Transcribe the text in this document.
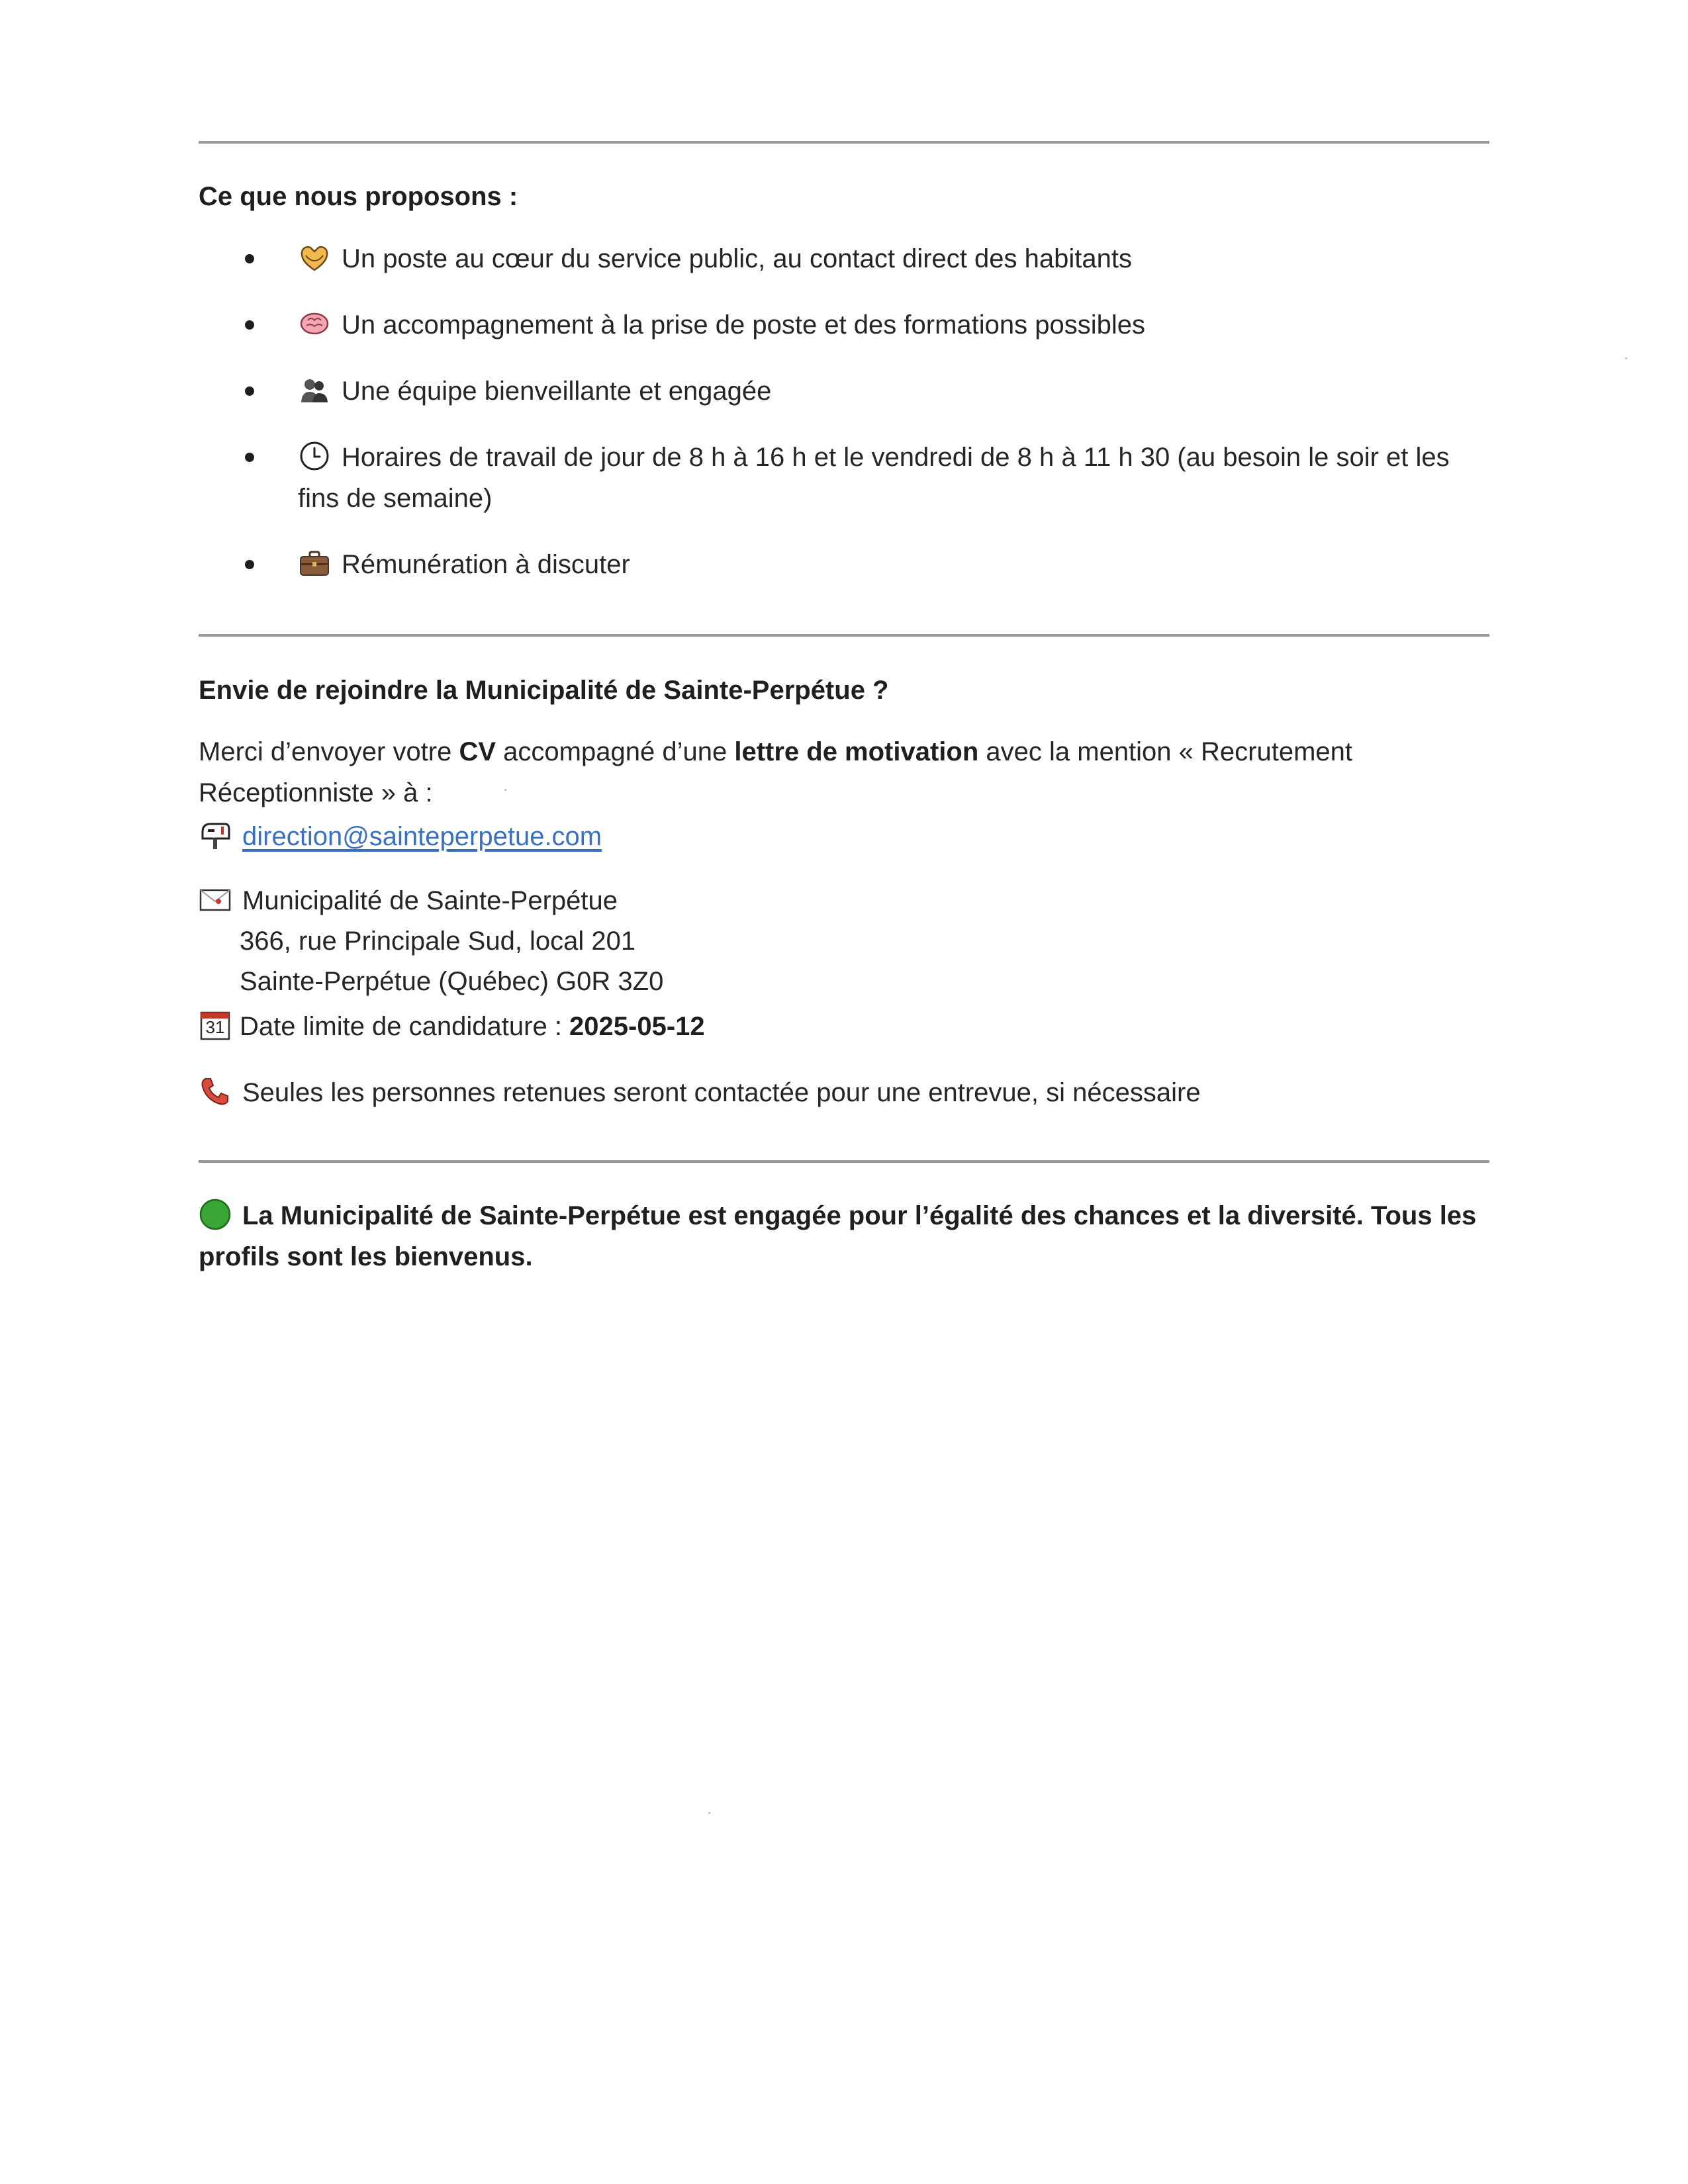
Ce que nous proposons :
Un poste au cœur du service public, au contact direct des habitants
Un accompagnement à la prise de poste et des formations possibles
Une équipe bienveillante et engagée
Horaires de travail de jour de 8 h à 16 h et le vendredi de 8 h à 11 h 30 (au besoin le soir et les fins de semaine)
Rémunération à discuter
Envie de rejoindre la Municipalité de Sainte-Perpétue ?
Merci d’envoyer votre CV accompagné d’une lettre de motivation avec la mention « Recrutement Réceptionniste » à :
direction@sainteperpetue.com
Municipalité de Sainte-Perpétue
366, rue Principale Sud, local 201
Sainte-Perpétue (Québec) G0R 3Z0
31 Date limite de candidature : 2025-05-12
Seules les personnes retenues seront contactée pour une entrevue, si nécessaire
La Municipalité de Sainte-Perpétue est engagée pour l’égalité des chances et la diversité. Tous les profils sont les bienvenus.
